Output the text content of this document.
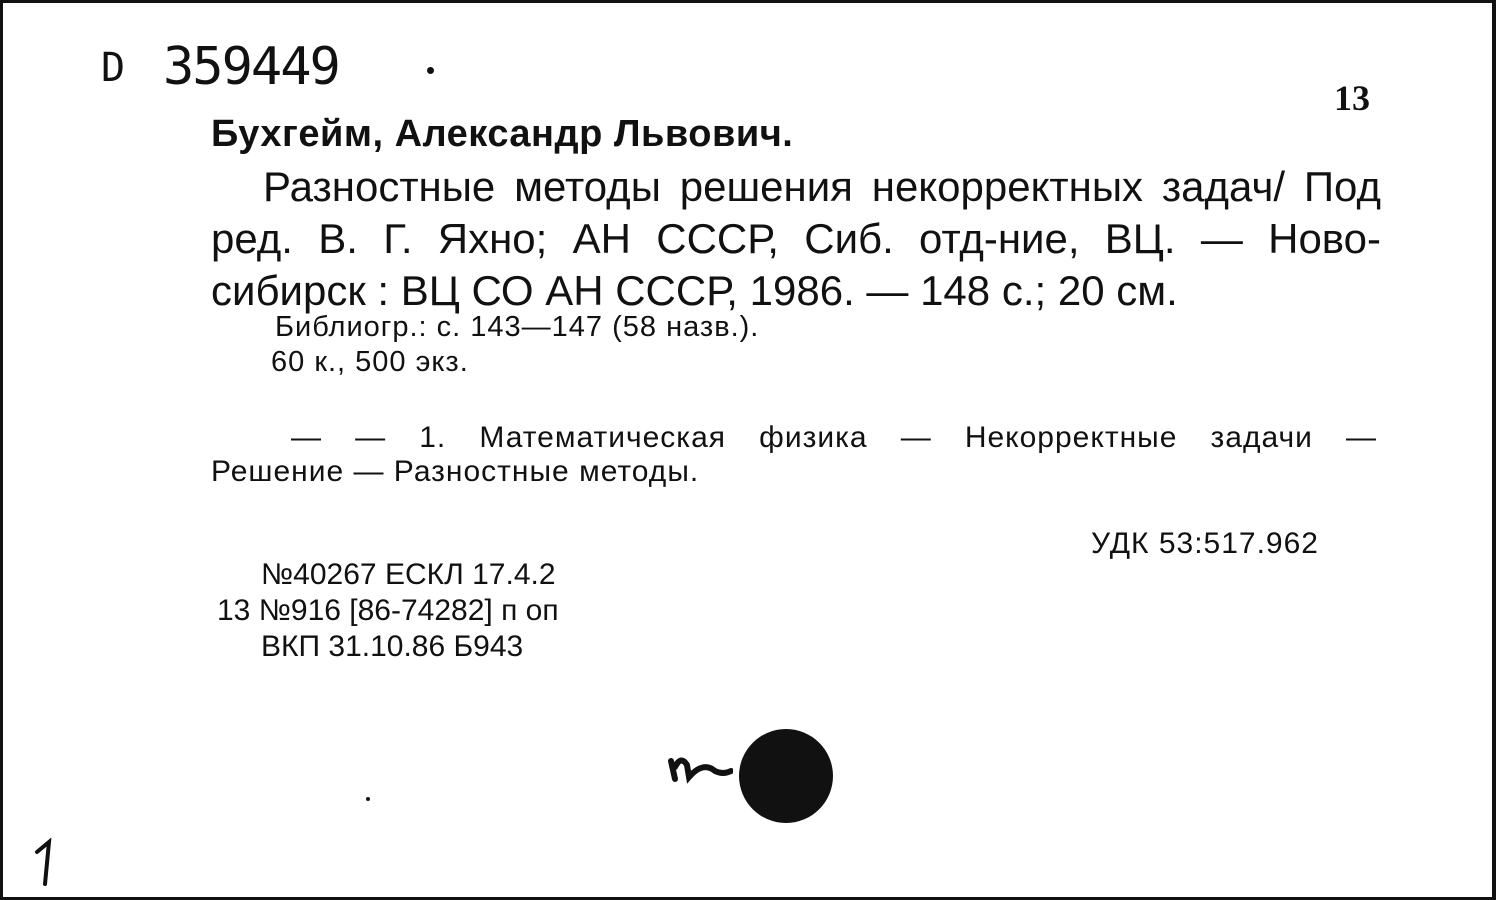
D 359449
13
Бухгейм, Александр Львович.
Разностные методы решения некорректных задач/ Под
ред. В. Г. Яхно; АН СССР, Сиб. отд-ние, ВЦ. — Ново-
сибирск : ВЦ СО АН СССР, 1986. — 148 с.; 20 см.
Библиогр.: с. 143—147 (58 назв.).
60 к., 500 экз.
— — 1. Математическая физика — Некорректные задачи —
Решение — Разностные методы.
УДК 53:517.962
№40267 ЕСКЛ 17.4.2
13 №916 [86-74282] п оп
ВКП 31.10.86 Б943
